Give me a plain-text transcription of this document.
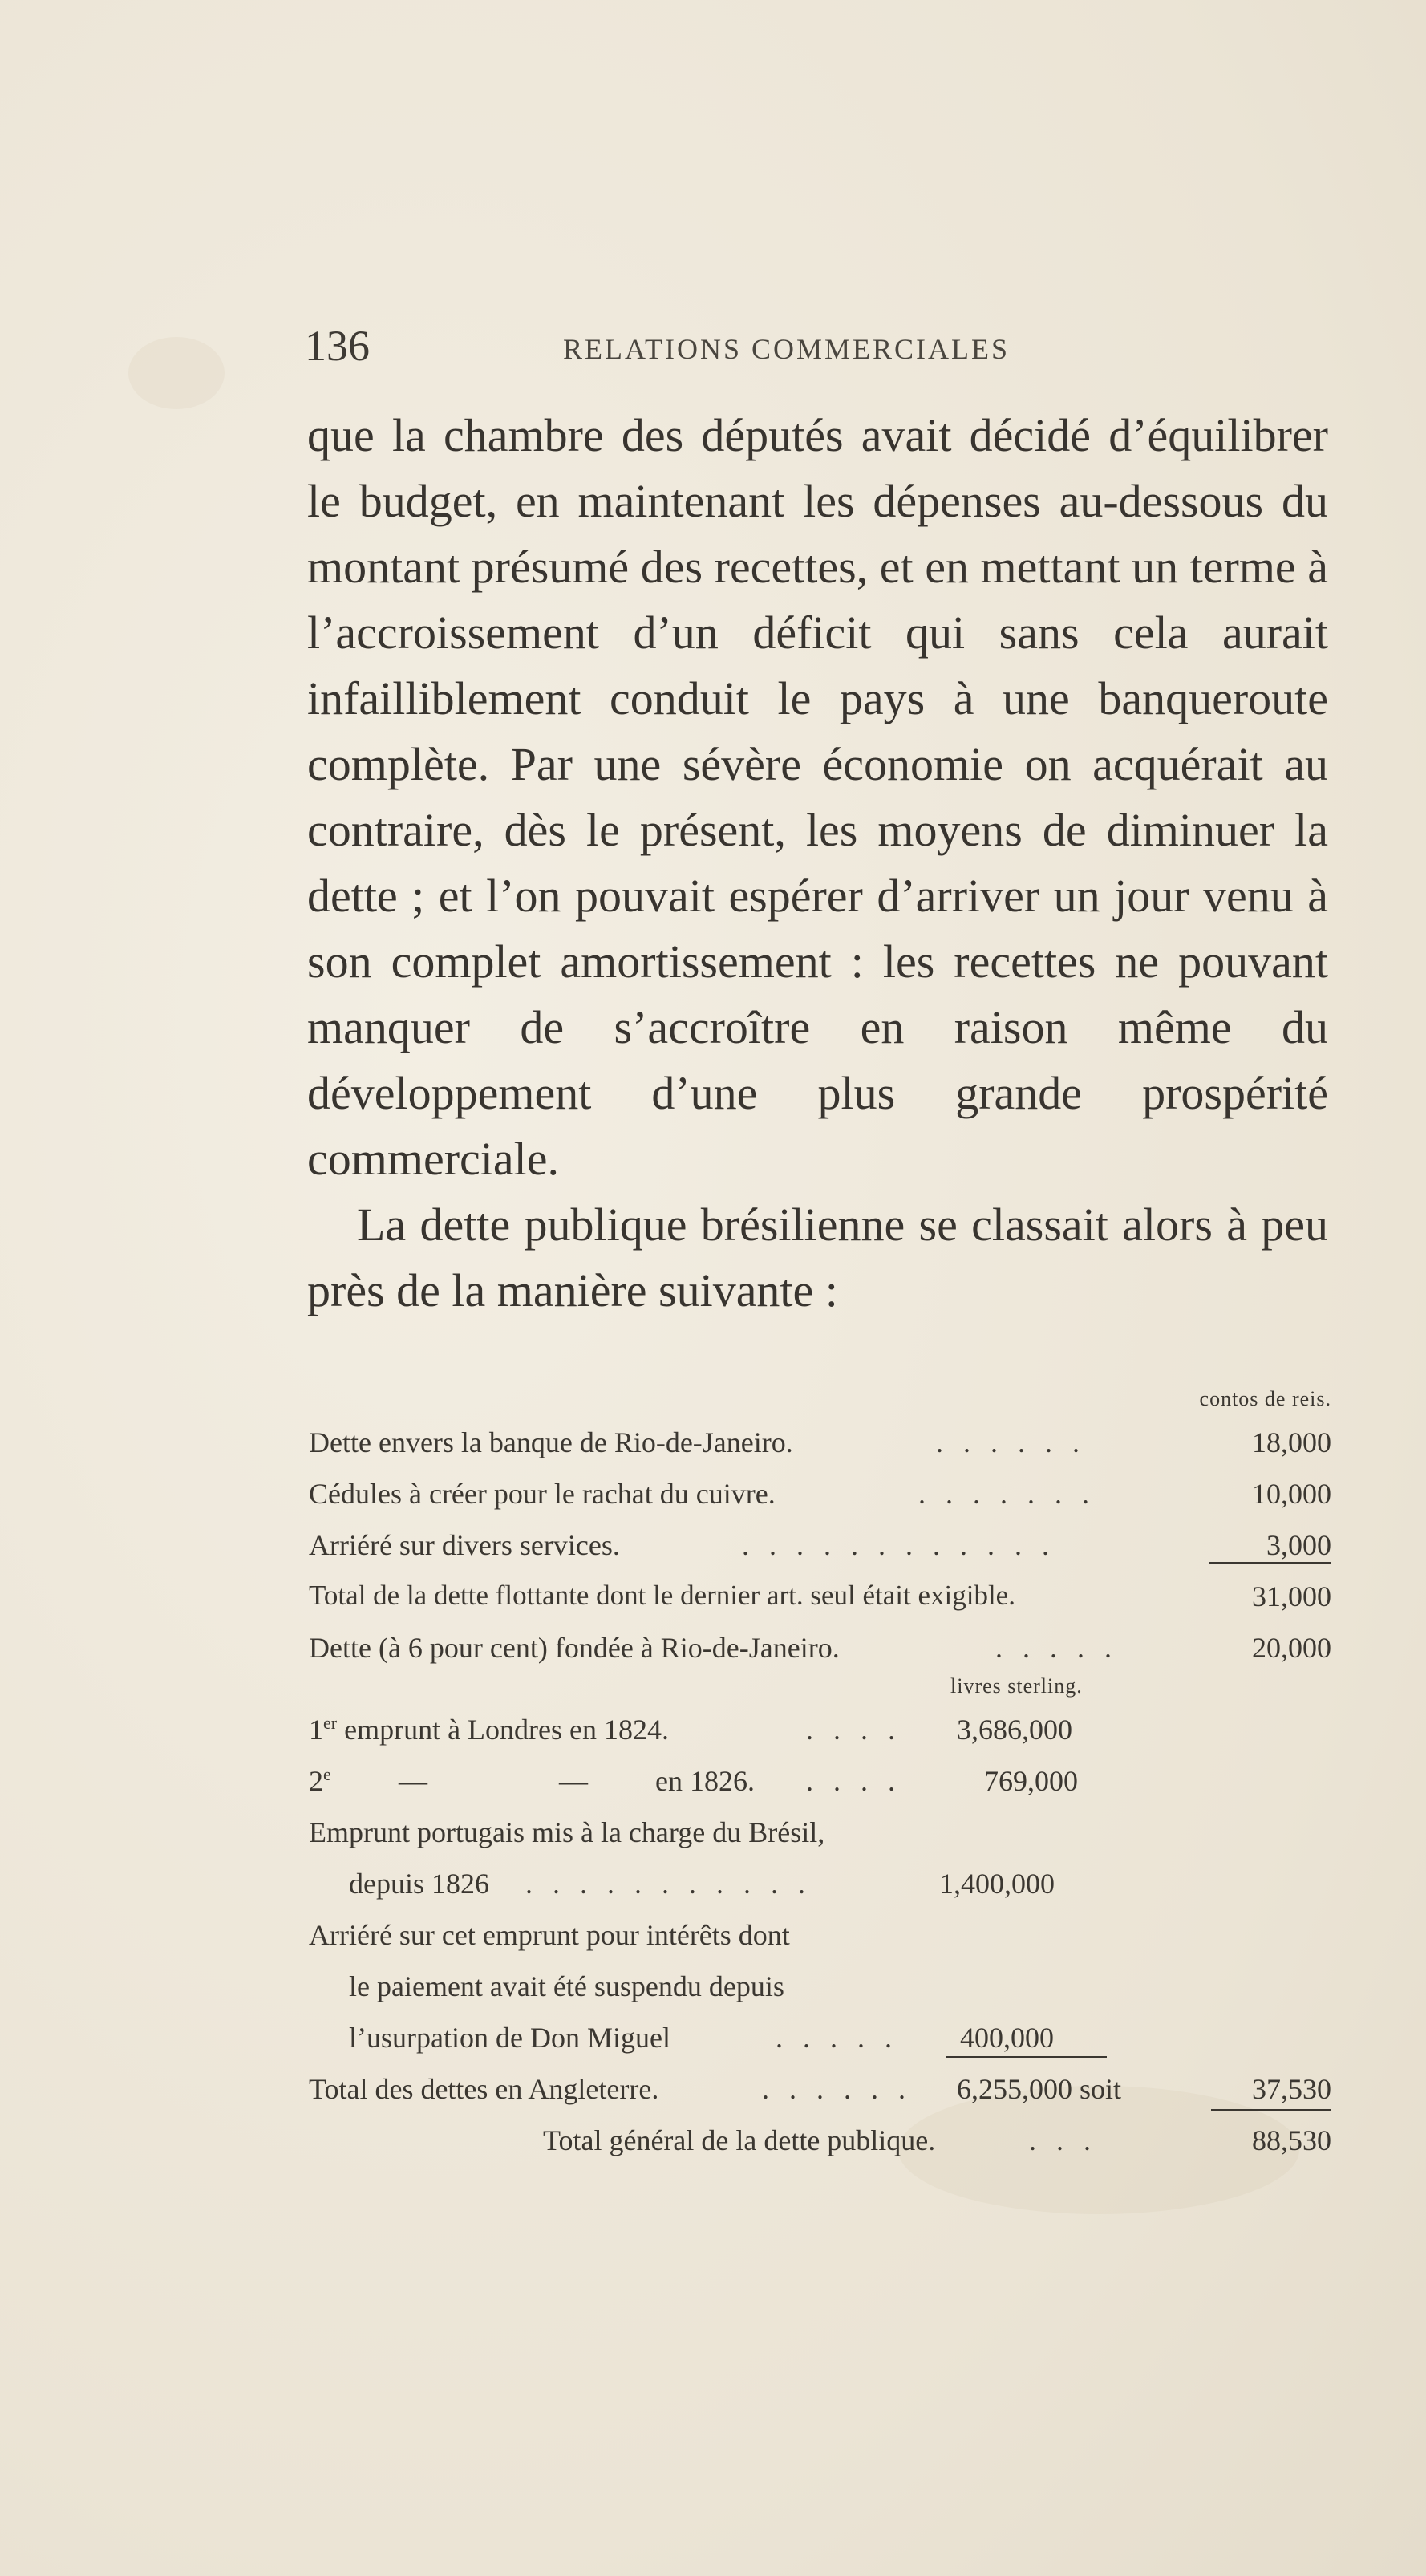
136	RELATIONS COMMERCIALES

que la chambre des députés avait décidé d’équilibrer le budget, en maintenant les dépenses au-dessous du montant présumé des recettes, et en mettant un terme à l’accroissement d’un déficit qui sans cela aurait infailliblement conduit le pays à une banqueroute complète. Par une sévère économie on acquérait au contraire, dès le présent, les moyens de diminuer la dette ; et l’on pouvait espérer d’arriver un jour venu à son complet amortissement : les recettes ne pouvant manquer de s’accroître en raison même du développement d’une plus grande prospérité commerciale.

La dette publique brésilienne se classait alors à peu près de la manière suivante :

contos de reis.
Dette envers la banque de Rio-de-Janeiro.	. . . . . .	18,000
Cédules à créer pour le rachat du cuivre.	. . . . . . .	10,000
Arriéré sur divers services.	. . . . . . . . . . . .	3,000
Total de la dette flottante dont le dernier art. seul était exigible.	31,000
Dette (à 6 pour cent) fondée à Rio-de-Janeiro.	. . . . .	20,000
livres sterling.
1er emprunt à Londres en 1824.	. . . . 3,686,000
2e —	— en 1826. . . . .	769,000
Emprunt portugais mis à la charge du Brésil,
depuis 1826 . . . . . . . . . . .	1,400,000
Arriéré sur cet emprunt pour intérêts dont
le paiement avait été suspendu depuis
l’usurpation de Don Miguel	. . . . . 400,000
Total des dettes en Angleterre.	. . . . . . 6,255,000 soit	37,530
Total général de la dette publique.	. . .	88,530
